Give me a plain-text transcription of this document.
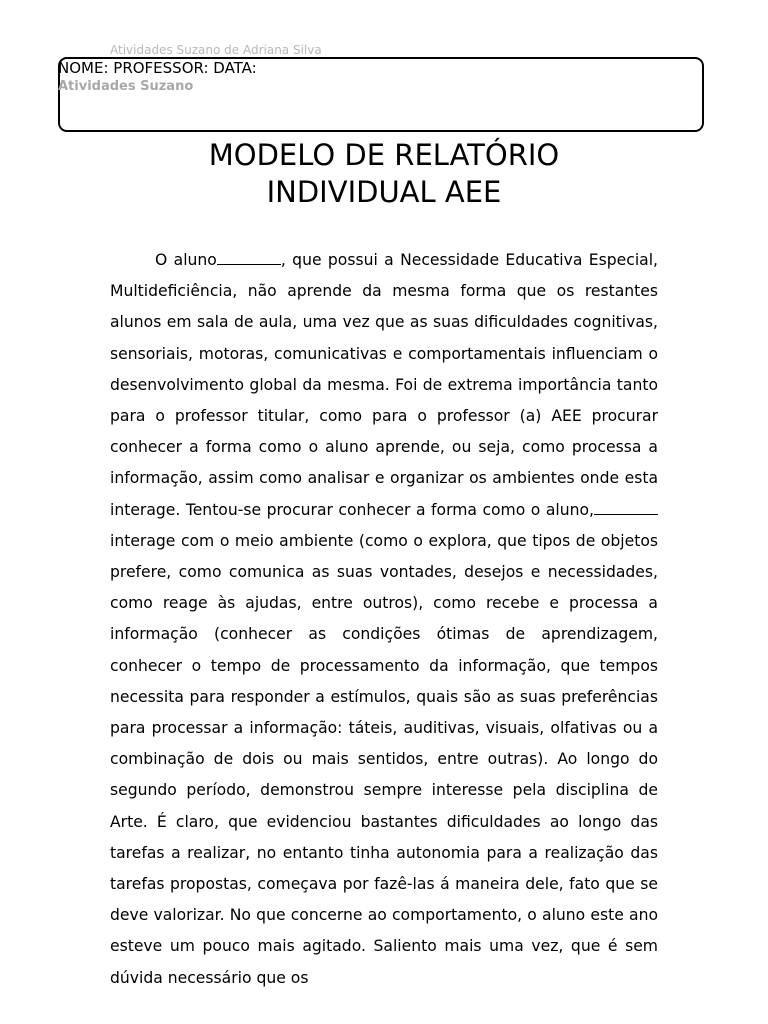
Atividades Suzano de Adriana Silva
NOME: PROFESSOR: DATA:
Atividades Suzano
MODELO DE RELATÓRIO
INDIVIDUAL AEE

O aluno	, que possui a Necessidade Educativa Especial, Multideficiência, não aprende da mesma forma que os restantes alunos em sala de aula, uma vez que as suas dificuldades cognitivas, sensoriais, motoras, comunicativas e comportamentais influenciam o desenvolvimento global da mesma. Foi de extrema importância tanto para o professor titular, como para o professor (a) AEE procurar conhecer a forma como o aluno aprende, ou seja, como processa a informação, assim como analisar e organizar os ambientes onde esta interage. Tentou-se procurar conhecer a forma como o aluno,interage com o meio ambiente (como o explora, que tipos de objetos prefere, como comunica as suas vontades, desejos e necessidades, como reage às ajudas, entre outros), como recebe e processa a informação (conhecer as condições ótimas de aprendizagem, conhecer o tempo de processamento da informação, que tempos necessita para responder a estímulos, quais são as suas preferências para processar a informação: táteis, auditivas, visuais, olfativas ou a combinação de dois ou mais sentidos, entre outras). Ao longo do segundo período, demonstrou sempre interesse pela disciplina de Arte. É claro, que evidenciou bastantes dificuldades ao longo das tarefas a realizar, no entanto tinha autonomia para a realização das tarefas propostas, começava por fazê-las á maneira dele, fato que se deve valorizar. No que concerne ao comportamento, o aluno este ano esteve um pouco mais agitado. Saliento mais uma vez, que é sem dúvida necessário que os
